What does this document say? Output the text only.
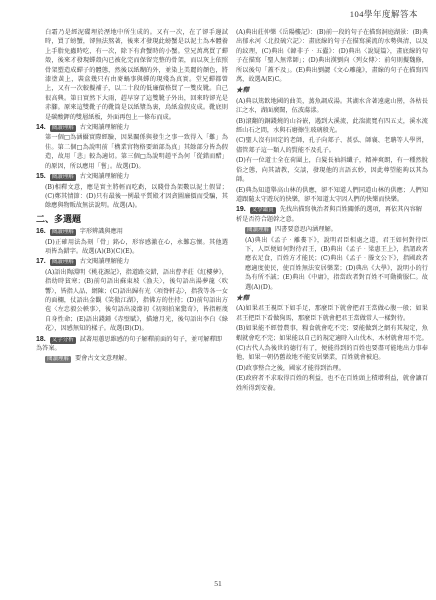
104學年度解答本

白霜乃是經泥碟埋於溼地中所生成的。又有一次，在了卻手邊試時，買了螃蟹，卻無法熬著，後來才發現此螃蟹是以泥土為本體養上手脂免蟲時吃，有一次，除下有倉蟹時的小蟹。堂兄萬萬買了蟬殼，後來才發現蟬殼內已被化完而保留完整的骨架，而以灰上依照骨架塑造成蟬子的體態，然後以紙糊的外，並染上美麗的顏色，將漆塗黃上，裝盒幾只有由麥蝸事與蟬的現殘為真實。堂兄蟬都曾上，又有一次較擬補子，以二十段的低廉價格買了一雙皮靴。自己很高興。第日實然下大雨，趕早穿了這雙靴子外出，回來時卻光是赤腳。原來這雙靴子的靴筒是以紙漿為裏，烏紙盒假皮成。靴底則是碳酸鉀的雙層紙板，外面再包上一條布而成。

14. 閱讀理解 古文閱讀理解能力

第一個□為涵攝實際經驗，因果關係與發生之事一致得入「難」為佳。第二個□為說明前「構業宮物格要頭部為真」其餘部分皆為假造，故用「悲」較為適切。第三個□為說明趙平為何「從錯而醋」的原因，所以應用「嘗」。故選(D)。

15. 閱讀理解 古文閱讀理解能力

(B)相釋文意，應是實主將輕而吃虧，以賤骨為架數以泥土假冒；(C)鄭其情節：(D)只有最後一例最平質殿才因貪圖廉價而受騙，其餘應與物販故無法說明。故選(A)。

二、多選題
16. 閱讀理解 字形辨識與應用

(D)正確用法為刻「骨」銘心，形容感激在心，永難忘懷。其他選項皆為錯字。故選(A)(B)(C)(E)。

17. 閱讀理解 古文閱讀理解能力

(A)語出陶淵明《桃花源記》，指道路交錯，語出曹孝莊《紅樓夢》，指幼時貧寒；(B)前句語出蘇東坡〈漁夫〉，後句語出湯夢龍〈吹響〉，皆指人品、網陳；(C)語出歸有光〈項脊軒志〉，指我等各一女的面欄，仗語出金觀《笑傲江湖》，指佛方的住持；(D)前句語出方苞〈左忠毅公軼事〉，後句語出凌濛初《初刻拍案驚奇》，皆指輕蔑自身性命；(E)語出錢鍾《赤壁賦》，描繪月光，後句語出李白《綠花〉，因感無知的樣子。故選(B)(D)。

18. 文字分析 試著用蕙思維感的句子解釋前面的句子，並可解釋即為答案。
閱讀理解 要會古文文意理解。

(A)典出莊仲樂《岳陽樓記》：(B)前一段的句子在描寫洞庭湖景：(B)典出郁永河〈北投硫穴記〉：畫底線的句子在描寫溪流的水勢與清，以及的紋理，(C)典出《韓非子‧五蠹》：(D)典出〈說疑篇〉，畫底線的句子在描寫「聖人無常師」；(D)典出漢劉向〈列女傳〉：前句則擬魏修，所以後句「蓋不及」。(E)典出劉勰《文心雕龍》，畫線的句子在描寫四萬，故選A(E)C。

★釋

(A)典以篤飲地國的曲美，蒸魚調成湯。其湖水含著遠處山巒，各枯長江之水，湖面廣闊，伍波蕩漾。

(B)滾翻的銅錢燒的山谷嵌，遇到大溪流，此湍流寬有四五丈，溪水流經山石之間，水與石磨擦生玻璃般光。

(C)聖人沒有固定的老師，孔子向郯子、萇弘、師襄、老聃等人學習，儘管郯子這一類人的賢能不及孔子。

(D)有一位道士全在荷圍上，白髮長袖斜纖子，精神爽朗，有一種然脫俗之態，向其請教，交談，發現他的言語玄妙，因此尊望能夠以其為師。

(E)典為知道舉高山林的供應，卻不知道人們同道山林的供應；人們知道跟隨太守遊玩的快樂，卻不知道太守因人們的快樂而快樂。

19. 文學鑑賞 先找出描寫執治者與百姓關係的選項，再依其內容解析是否符合題幹之意。
閱讀理解 四書要意思內涵理解。

(A)典出《孟子‧離婁下》，說明君臣相處之道，君王如何對待臣下，人臣便如何對待君王，(B)典出《孟子‧梁惠王上》，指謂政者應衣足食，百姓方才能民；(C)典出《孟子‧滕文公下》，指國政者應適度使民，使百姓無法安居樂業；(D)典出《大學》，說明小的行為有所不誠；(E)典出《中庸》，指當政者對百姓不可動衝服仁。故選(A)(D)。

★釋

(A)如果君王視臣下如手足，那麼臣下就會把君王當做心腹一般；如果君王把臣下看做狗馬，那麼臣下就會把君王當做常人一樣對待。

(B)如果能不經營農事，糧食就會吃不完；要能做到之網有其規定，魚蝦就會吃不完；如果能以自己的規定適時入山伐木，木材就會用不完。

(C)古代人為後世的德行有了，便能得到的百姓也要盡可能地出力事奉他，如果一朝仍舊故地不能安居樂業，百姓就會被迫。

(D)政事整合之後，國家才能得到治理。

(E)政府者不求取得百姓的利益，也不在百姓頭上積增利益，就會讓百姓所得到安養。

51
